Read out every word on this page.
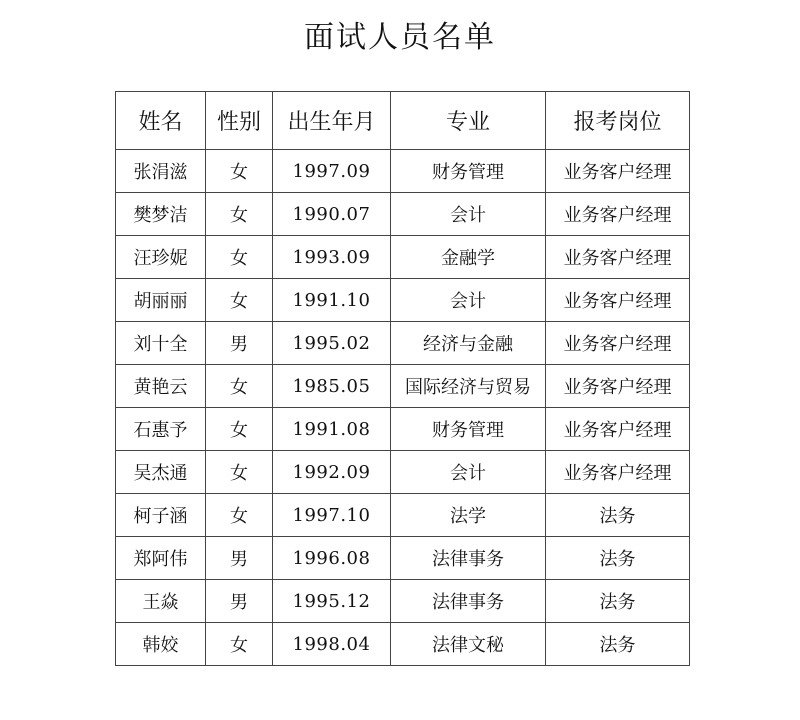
面试人员名单
姓名	性别	出生年月	专业	报考岗位
张涓滋	女	1997.09	财务管理	业务客户经理
樊梦洁	女	1990.07	会计	业务客户经理
汪珍妮	女	1993.09	金融学	业务客户经理
胡丽丽	女	1991.10	会计	业务客户经理
刘十全	男	1995.02	经济与金融	业务客户经理
黄艳云	女	1985.05	国际经济与贸易	业务客户经理
石惠予	女	1991.08	财务管理	业务客户经理
吴杰通	女	1992.09	会计	业务客户经理
柯子涵	女	1997.10	法学	法务
郑阿伟	男	1996.08	法律事务	法务
王焱	男	1995.12	法律事务	法务
韩姣	女	1998.04	法律文秘	法务
